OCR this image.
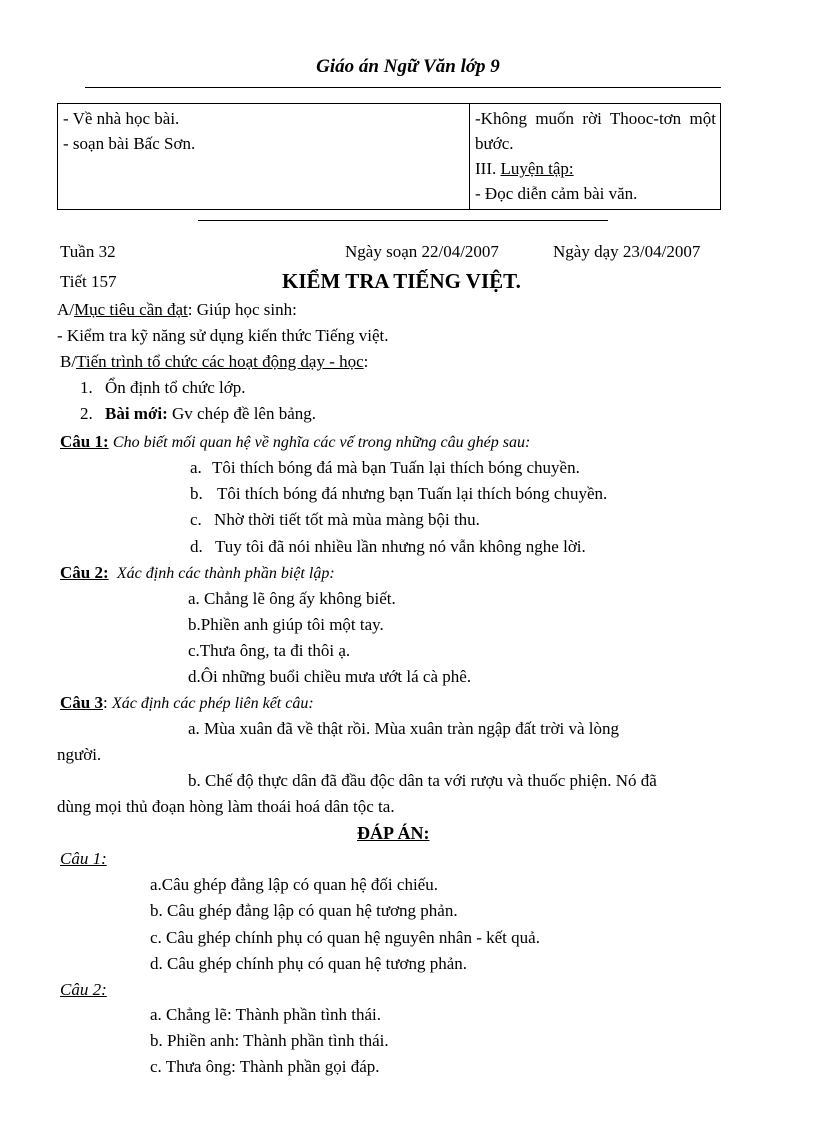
Giáo án Ngữ Văn lớp 9
- Về nhà học bài.
- soạn bài Bấc Sơn.

-Không muốn rời Thooc-tơn một bước.
III. Luyện tập:
- Đọc diễn cảm bài văn.
Tuần 32	Ngày soạn 22/04/2007	Ngày dạy 23/04/2007
Tiết 157	KIỂM TRA TIẾNG VIỆT.
A/Mục tiêu cần đạt: Giúp học sinh:
- Kiểm tra kỹ năng sử dụng kiến thức Tiếng việt.
B/Tiến trình tổ chức các hoạt động dạy - học:
1. Ổn định tổ chức lớp.
2. Bài mới: Gv chép đề lên bảng.
Câu 1: Cho biết mối quan hệ về nghĩa các vế trong những câu ghép sau:
a. Tôi thích bóng đá mà bạn Tuấn lại thích bóng chuyền.
b. Tôi thích bóng đá nhưng bạn Tuấn lại thích bóng chuyền.
c. Nhờ thời tiết tốt mà mùa màng bội thu.
d. Tuy tôi đã nói nhiều lần nhưng nó vẫn không nghe lời.
Câu 2: Xác định các thành phần biệt lập:
a. Chẳng lẽ ông ấy không biết.
b.Phiền anh giúp tôi một tay.
c.Thưa ông, ta đi thôi ạ.
d.Ôi những buổi chiều mưa ướt lá cà phê.
Câu 3: Xác định các phép liên kết câu:
a. Mùa xuân đã về thật rồi. Mùa xuân tràn ngập đất trời và lòng
người.
b. Chế độ thực dân đã đầu độc dân ta với rượu và thuốc phiện. Nó đã
dùng mọi thủ đoạn hòng làm thoái hoá dân tộc ta.
ĐÁP ÁN:
Câu 1:
a.Câu ghép đẳng lập có quan hệ đối chiếu.
b. Câu ghép đẳng lập có quan hệ tương phản.
c. Câu ghép chính phụ có quan hệ nguyên nhân - kết quả.
d. Câu ghép chính phụ có quan hệ tương phản.
Câu 2:
a. Chẳng lẽ: Thành phần tình thái.
b. Phiền anh: Thành phần tình thái.
c. Thưa ông: Thành phần gọi đáp.
